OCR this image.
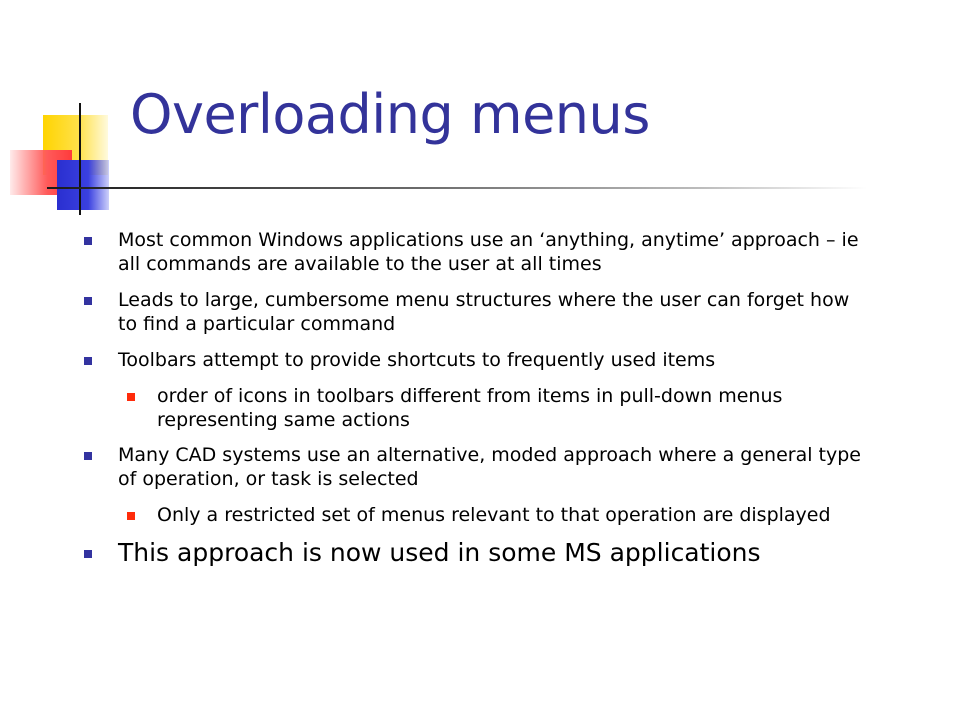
Overloading menus
Most common Windows applications use an ‘anything, anytime’ approach – ie all commands are available to the user at all times
Leads to large, cumbersome menu structures where the user can forget how to find a particular command
Toolbars attempt to provide shortcuts to frequently used items
order of icons in toolbars different from items in pull-down menus representing same actions
Many CAD systems use an alternative, moded approach where a general type of operation, or task is selected
Only a restricted set of menus relevant to that operation are displayed
This approach is now used in some MS applications
